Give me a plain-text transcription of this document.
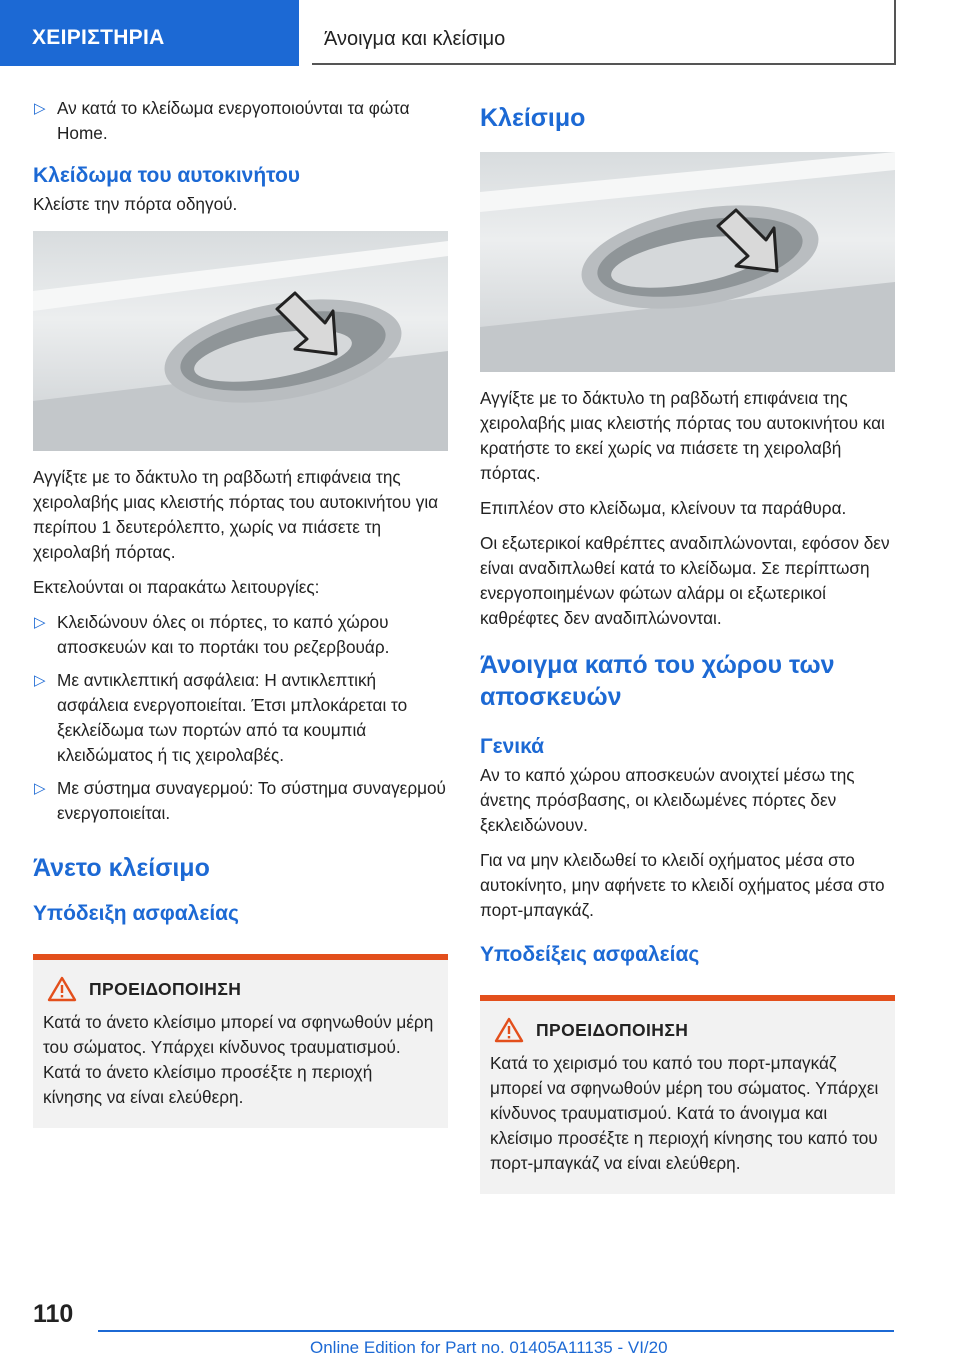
ΧΕΙΡΙΣΤΗΡΙΑ	Άνοιγμα και κλείσιμο
▷ Αν κατά το κλείδωμα ενεργοποιούνται τα φώτα Home.
Κλείδωμα του αυτοκινήτου

Κλείστε την πόρτα οδηγού.

Αγγίξτε με το δάκτυλο τη ραβδωτή επιφάνεια της χειρολαβής μιας κλειστής πόρτας του αυτοκινήτου για περίπου 1 δευτερόλεπτο, χωρίς να πιάσετε τη χειρολαβή πόρτας.

Εκτελούνται οι παρακάτω λειτουργίες:

▷ Κλειδώνουν όλες οι πόρτες, το καπό χώρου αποσκευών και το πορτάκι του ρεζερβουάρ.
▷ Με αντικλεπτική ασφάλεια: Η αντικλεπτική ασφάλεια ενεργοποιείται. Έτσι μπλοκάρεται το ξεκλείδωμα των πορτών από τα κουμπιά κλειδώματος ή τις χειρολαβές.
▷ Με σύστημα συναγερμού: Το σύστημα συναγερμού ενεργοποιείται.
Άνετο κλείσιμο
Υπόδειξη ασφαλείας
ΠΡΟΕΙΔΟΠΟΙΗΣΗ

Κατά το άνετο κλείσιμο μπορεί να σφηνωθούν μέρη του σώματος. Υπάρχει κίνδυνος τραυματισμού. Κατά το άνετο κλείσιμο προσέξτε η περιοχή κίνησης να είναι ελεύθερη.

Κλείσιμο

Αγγίξτε με το δάκτυλο τη ραβδωτή επιφάνεια της χειρολαβής μιας κλειστής πόρτας του αυτοκινήτου και κρατήστε το εκεί χωρίς να πιάσετε τη χειρολαβή πόρτας.

Επιπλέον στο κλείδωμα, κλείνουν τα παράθυρα.

Οι εξωτερικοί καθρέπτες αναδιπλώνονται, εφόσον δεν είναι αναδιπλωθεί κατά το κλείδωμα. Σε περίπτωση ενεργοποιημένων φώτων αλάρμ οι εξωτερικοί καθρέφτες δεν αναδιπλώνονται.

Άνοιγμα καπό του χώρου των αποσκευών
Γενικά

Αν το καπό χώρου αποσκευών ανοιχτεί μέσω της άνετης πρόσβασης, οι κλειδωμένες πόρτες δεν ξεκλειδώνουν.

Για να μην κλειδωθεί το κλειδί οχήματος μέσα στο αυτοκίνητο, μην αφήνετε το κλειδί οχήματος μέσα στο πορτ-μπαγκάζ.

Υποδείξεις ασφαλείας
ΠΡΟΕΙΔΟΠΟΙΗΣΗ

Κατά το χειρισμό του καπό του πορτ-μπαγκάζ μπορεί να σφηνωθούν μέρη του σώματος. Υπάρχει κίνδυνος τραυματισμού. Κατά το άνοιγμα και κλείσιμο προσέξτε η περιοχή κίνησης του καπό του πορτ-μπαγκάζ να είναι ελεύθερη.

110
Online Edition for Part no. 01405A11135 - VI/20
